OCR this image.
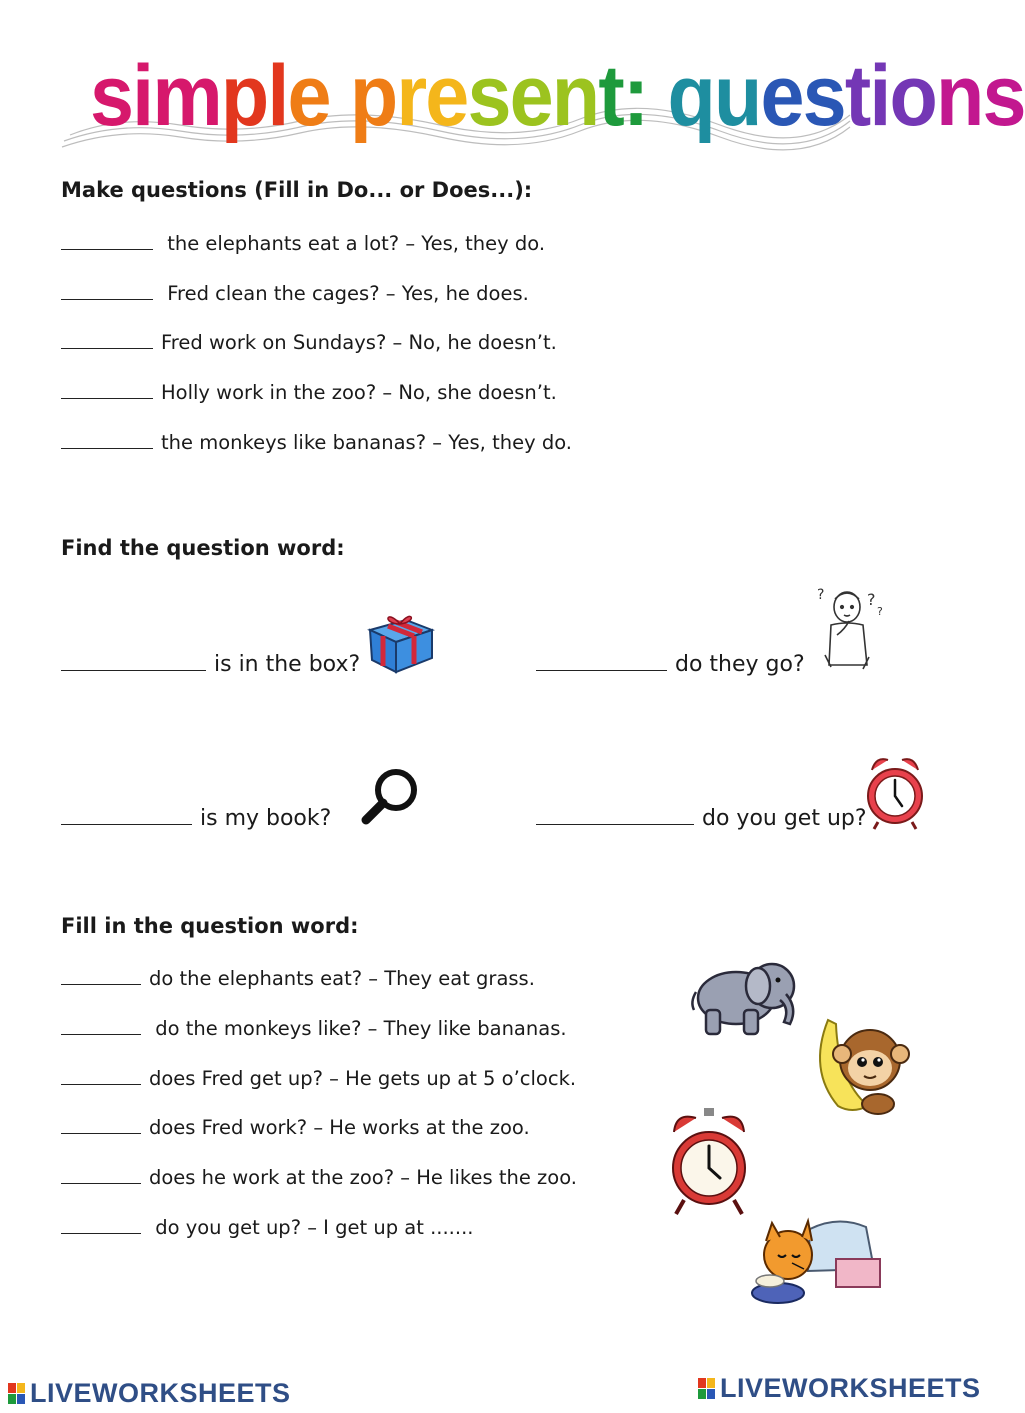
simple present: questions

Make questions (Fill in Do... or Does...):

the elephants eat a lot? – Yes, they do.
Fred clean the cages? – Yes, he does.
Fred work on Sundays? – No, he doesn’t.
Holly work in the zoo? – No, she doesn’t.
the monkeys like bananas? – Yes, they do.

Find the question word:

is in the box?	do they go?
?	?
?
is my book?	do you get up?

Fill in the question word:

do the elephants eat? – They eat grass.
do the monkeys like? – They like bananas.
does Fred get up? – He gets up at 5 o’clock.
does Fred work? – He works at the zoo.
does he work at the zoo? – He likes the zoo.
do you get up? – I get up at .......
LIVEWORKSHEETS	LIVEWORKSHEETS
